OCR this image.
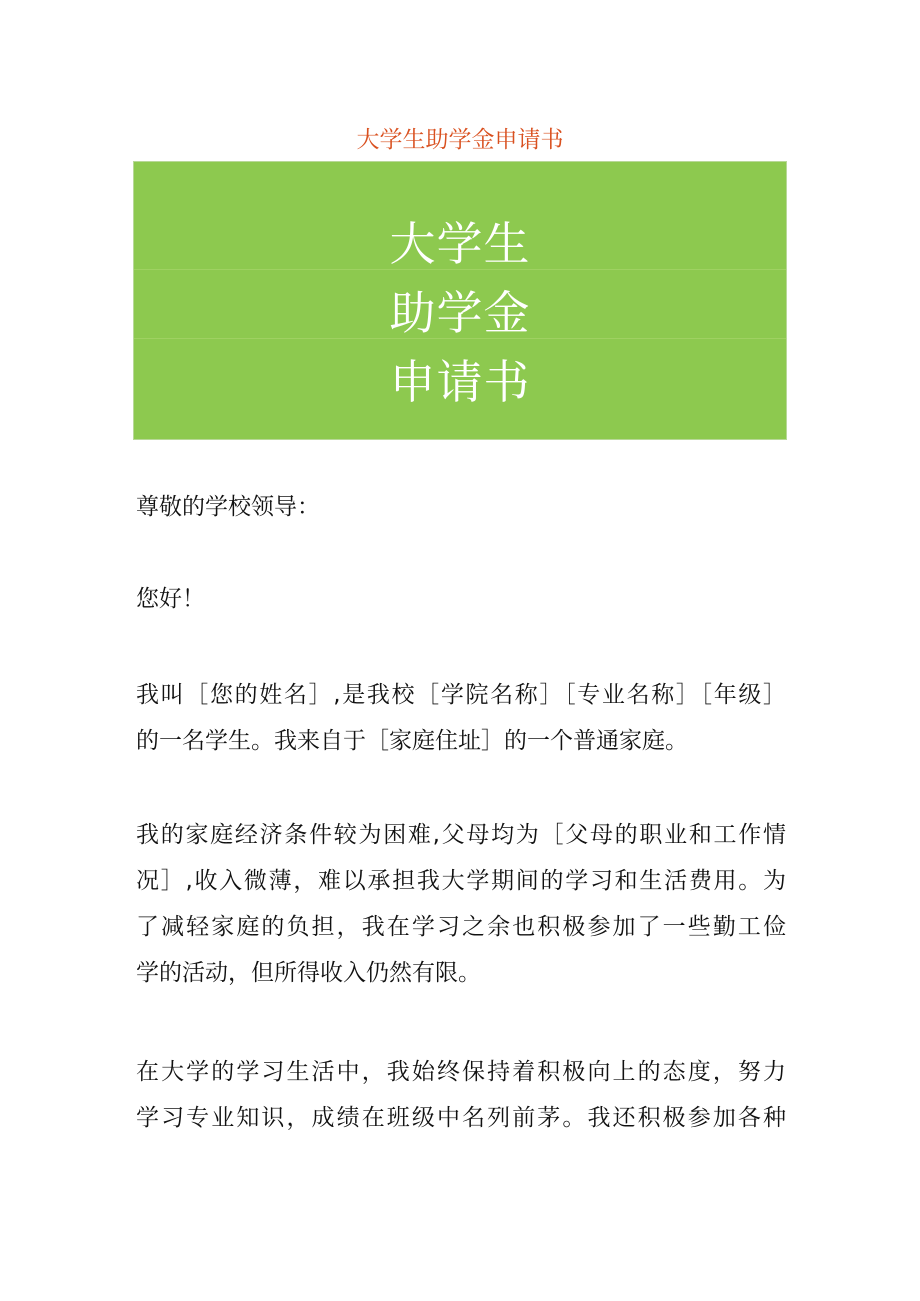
大学生助学金申请书
大学生
助学金
申请书
尊敬的学校领导：
您好！
我叫［您的姓名］,是我校［学院名称］［专业名称］［年级］
的一名学生。我来自于［家庭住址］的一个普通家庭。
我的家庭经济条件较为困难,父母均为［父母的职业和工作情
况］,收入微薄，难以承担我大学期间的学习和生活费用。为
了减轻家庭的负担，我在学习之余也积极参加了一些勤工俭
学的活动，但所得收入仍然有限。
在大学的学习生活中，我始终保持着积极向上的态度，努力
学习专业知识，成绩在班级中名列前茅。我还积极参加各种
